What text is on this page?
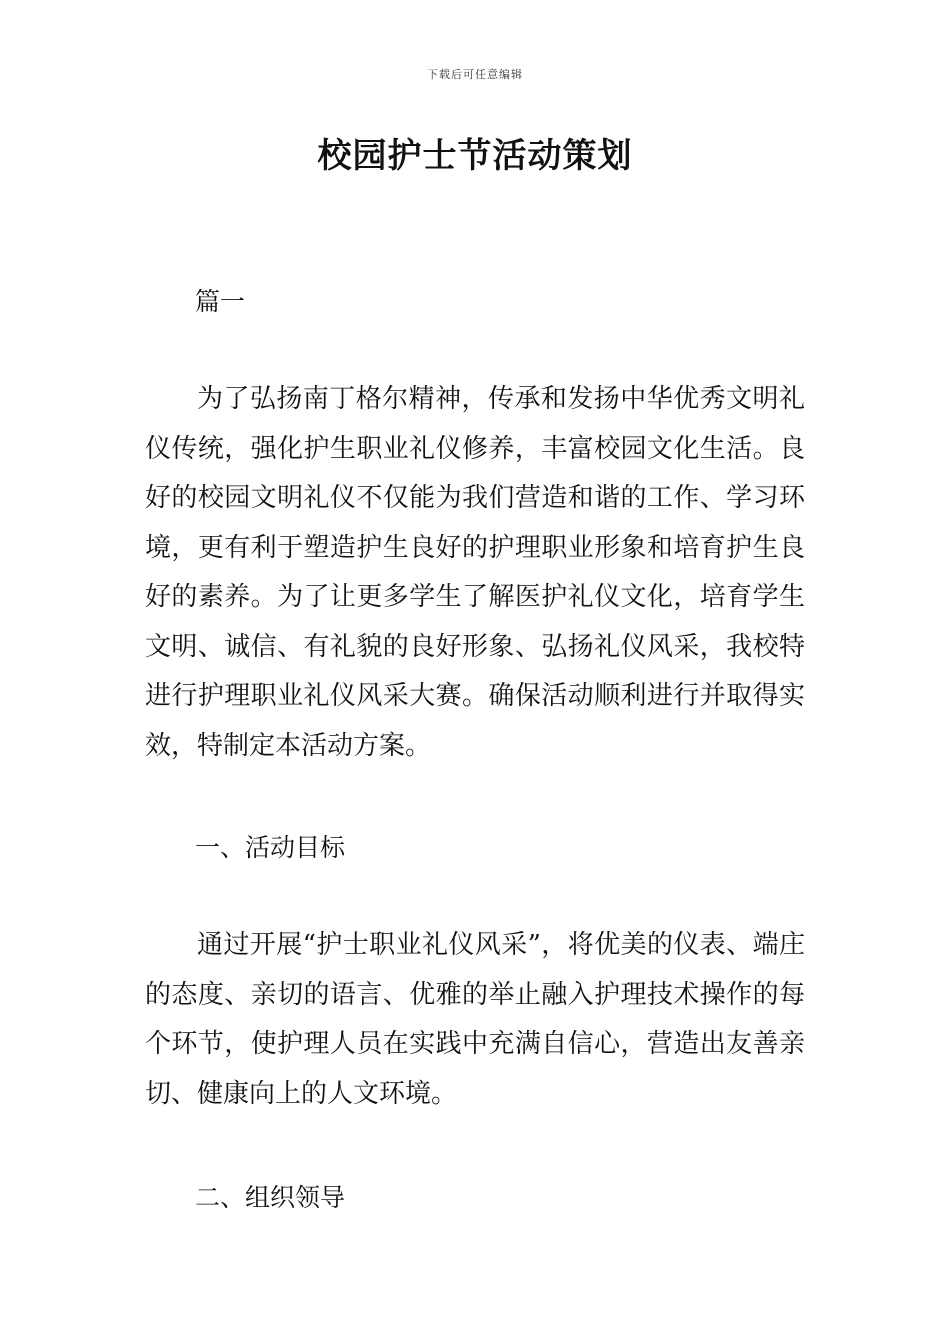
下载后可任意编辑
校园护士节活动策划

篇一

为了弘扬南丁格尔精神，传承和发扬中华优秀文明礼仪传统，强化护生职业礼仪修养，丰富校园文化生活。良好的校园文明礼仪不仅能为我们营造和谐的工作、学习环境，更有利于塑造护生良好的护理职业形象和培育护生良好的素养。为了让更多学生了解医护礼仪文化，培育学生文明、诚信、有礼貌的良好形象、弘扬礼仪风采，我校特进行护理职业礼仪风采大赛。确保活动顺利进行并取得实效，特制定本活动方案。

一、活动目标

通过开展“护士职业礼仪风采”，将优美的仪表、端庄的态度、亲切的语言、优雅的举止融入护理技术操作的每个环节，使护理人员在实践中充满自信心，营造出友善亲切、健康向上的人文环境。

二、组织领导
